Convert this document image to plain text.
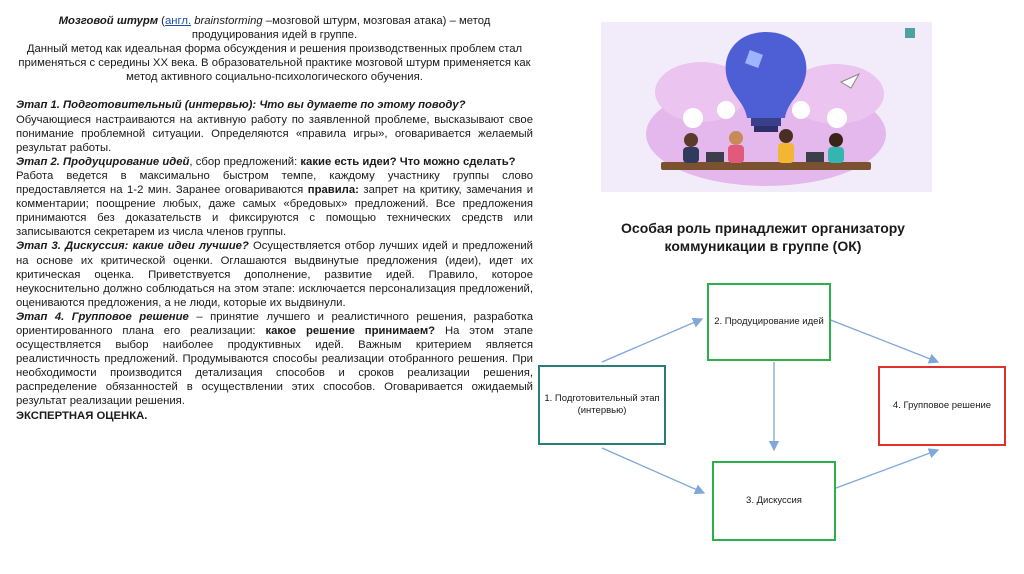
Мозговой штурм (англ. brainstorming –мозговой штурм, мозговая атака) – метод продуцирования идей в группе.

Данный метод как идеальная форма обсуждения и решения производственных проблем стал применяться с середины XX века. В образовательной практике мозговой штурм применяется как метод активного социально-психологического обучения.

Этап 1. Подготовительный (интервью): Что вы думаете по этому поводу?
Обучающиеся настраиваются на активную работу по заявленной проблеме, высказывают свое понимание проблемной ситуации. Определяются «правила игры», оговаривается желаемый результат работы.

Этап 2. Продуцирование идей, сбор предложений: какие есть идеи? Что можно сделать?
Работа ведется в максимально быстром темпе, каждому участнику группы слово предоставляется на 1-2 мин. Заранее оговариваются правила: запрет на критику, замечания и комментарии; поощрение любых, даже самых «бредовых» предложений. Все предложения принимаются без доказательств и фиксируются с помощью технических средств или записываются секретарем из числа членов группы.

Этап 3. Дискуссия: какие идеи лучшие? Осуществляется отбор лучших идей и предложений на основе их критической оценки. Оглашаются выдвинутые предложения (идеи), идет их критическая оценка. Приветствуется дополнение, развитие идей. Правило, которое неукоснительно должно соблюдаться на этом этапе: исключается персонализация предложений, оцениваются предложения, а не люди, которые их выдвинули.

Этап 4. Групповое решение – принятие лучшего и реалистичного решения, разработка ориентированного плана его реализации: какое решение принимаем? На этом этапе осуществляется выбор наиболее продуктивных идей. Важным критерием является реалистичность предложений. Продумываются способы реализации отобранного решения. При необходимости производится детализация способов и сроков реализации решения, распределение обязанностей в осуществлении этих способов. Оговаривается ожидаемый результат реализации решения.

ЭКСПЕРТНАЯ ОЦЕНКА.

Особая роль принадлежит организатору коммуникации в группе (ОК)
1. Подготовительный этап (интервью)
2. Продуцирование идей
3. Дискуссия
4. Групповое решение
